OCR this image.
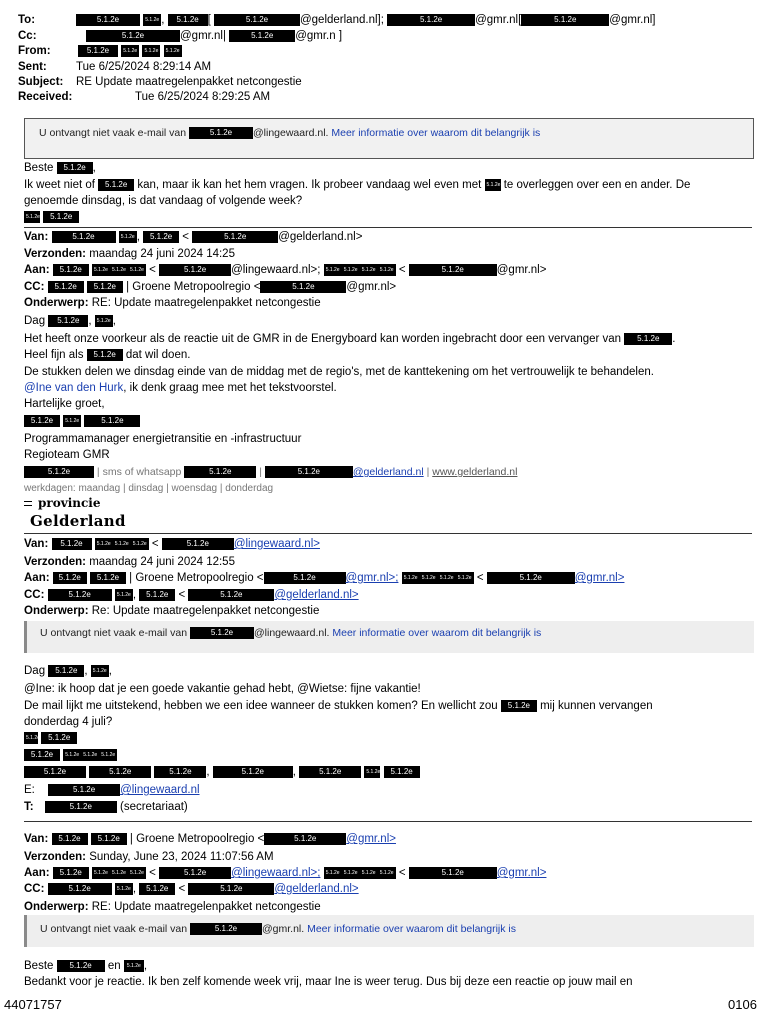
To:	5.1.2e	5.1.2e , 5.1.2e [	5.1.2e	@gelderland.nl];	5.1.2e	@gmr.nl[	5.1.2e	@gmr.nl]
Cc:	5.1.2e	@gmr.nl|	5.1.2e @gmr.n ]
From:	5.1.2e	5.1.2e 5.1.2e 5.1.2e
Sent:	Tue 6/25/2024 8:29:14 AM
Subject: RE Update maatregelenpakket netcongestie
Received:	Tue 6/25/2024 8:29:25 AM
U ontvangt niet vaak e-mail van	5.1.2e @lingewaard.nl. Meer informatie over waarom dit belangrijk is
Beste 5.1.2e ,
Ik weet niet of 5.1.2e kan, maar ik kan het hem vragen. Ik probeer vandaag wel even met 5.1.2e te overleggen over een en ander. De
genoemde dinsdag, is dat vandaag of volgende week?
5.1.2e 5.1.2e
Van:	5.1.2e	5.1.2e , 5.1.2e <	5.1.2e	@gelderland.nl>
Verzonden: maandag 24 juni 2024 14:25
Aan: 5.1.2e 5.1.2e 5.1.2e 5.1.2e <	5.1.2e @lingewaard.nl>; 5.1.2e 5.1.2e 5.1.2e 5.1.2e <	5.1.2e	@gmr.nl>
CC: 5.1.2e 5.1.2e | Groene Metropoolregio <	5.1.2e	@gmr.nl>
Onderwerp: RE: Update maatregelenpakket netcongestie
Dag 5.1.2e , 5.1.2e ,
Het heeft onze voorkeur als de reactie uit de GMR in de Energyboard kan worden ingebracht door een vervanger van 5.1.2e .
Heel fijn als 5.1.2e dat wil doen.
De stukken delen we dinsdag einde van de middag met de regio's, met de kanttekening om het vertrouwelijk te behandelen.
@Ine van den Hurk, ik denk graag mee met het tekstvoorstel.
Hartelijke groet,
5.1.2e 5.1.2e	5.1.2e
Programmamanager energietransitie en -infrastructuur
Regioteam GMR
5.1.2e	| sms of whatsapp	5.1.2e	|	5.1.2e	@gelderland.nl | www.gelderland.nl
werkdagen: maandag | dinsdag | woensdag | donderdag
provincie
Gelderland
Van: 5.1.2e	5.1.2e 5.1.2e 5.1.2e <	5.1.2e @lingewaard.nl>
Verzonden: maandag 24 juni 2024 12:55
Aan: 5.1.2e 5.1.2e | Groene Metropoolregio <	5.1.2e	@gmr.nl>; 5.1.2e 5.1.2e 5.1.2e 5.1.2e <	5.1.2e	@gmr.nl>
CC:	5.1.2e	5.1.2e , 5.1.2e <	5.1.2e	@gelderland.nl>
Onderwerp: Re: Update maatregelenpakket netcongestie
U ontvangt niet vaak e-mail van	5.1.2e @lingewaard.nl. Meer informatie over waarom dit belangrijk is
Dag 5.1.2e , 5.1.2e ,
@Ine: ik hoop dat je een goede vakantie gehad hebt, @Wietse: fijne vakantie!
De mail lijkt me uitstekend, hebben we een idee wanneer de stukken komen? En wellicht zou 5.1.2e mij kunnen vervangen
donderdag 4 juli?
5.1.2e 5.1.2e
5.1.2e 5.1.2e 5.1.2e 5.1.2e
5.1.2e	5.1.2e	5.1.2e ,	5.1.2e	, 5.1.2e	5.1.2e 5.1.2e
E:	5.1.2e @lingewaard.nl
T:	5.1.2e (secretariaat)
Van: 5.1.2e 5.1.2e | Groene Metropoolregio <	5.1.2e	@gmr.nl>
Verzonden: Sunday, June 23, 2024 11:07:56 AM
Aan: 5.1.2e 5.1.2e 5.1.2e 5.1.2e <	5.1.2e @lingewaard.nl>; 5.1.2e 5.1.2e 5.1.2e 5.1.2e <	5.1.2e	@gmr.nl>
CC:	5.1.2e	5.1.2e , 5.1.2e <	5.1.2e	@gelderland.nl>
Onderwerp: RE: Update maatregelenpakket netcongestie
U ontvangt niet vaak e-mail van	5.1.2e @gmr.nl. Meer informatie over waarom dit belangrijk is
Beste 5.1.2e en 5.1.2e ,
Bedankt voor je reactie. Ik ben zelf komende week vrij, maar Ine is weer terug. Dus bij deze een reactie op jouw mail en
44071757	0106
